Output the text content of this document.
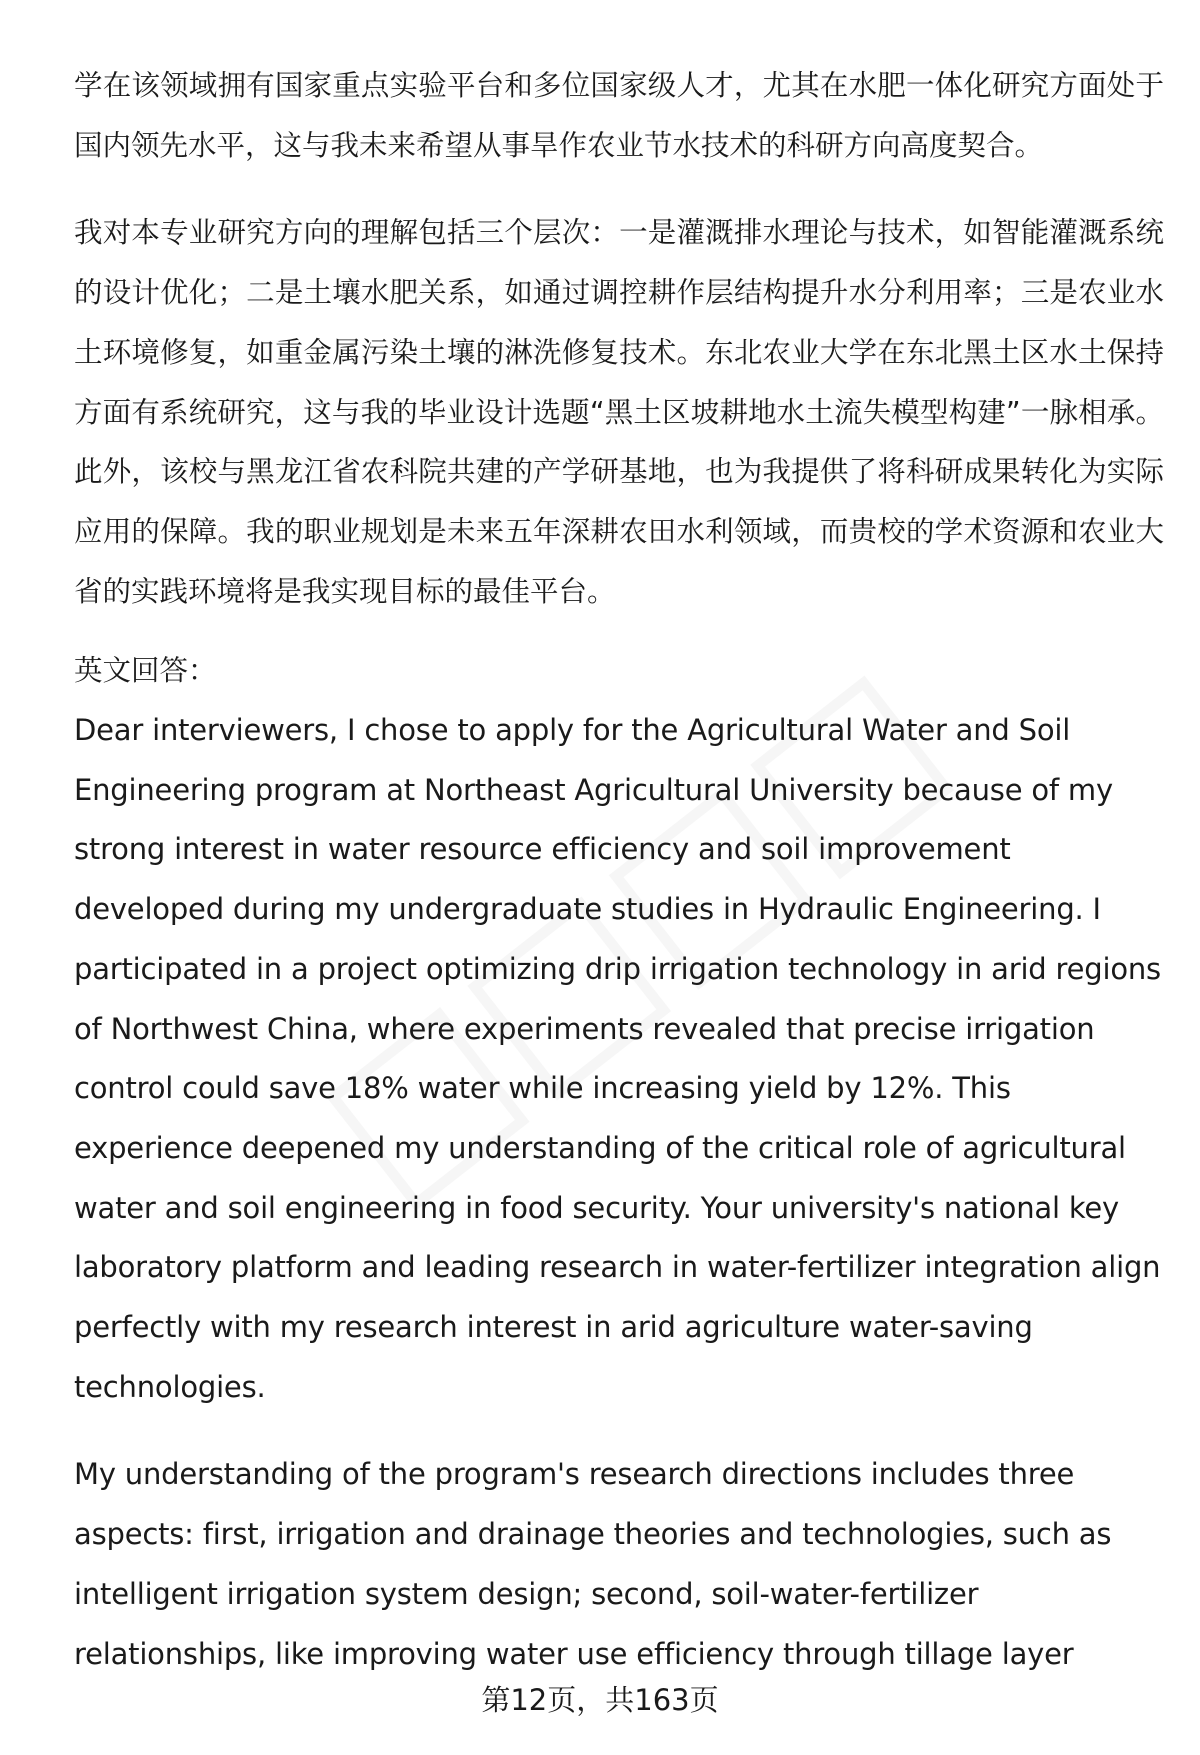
学在该领域拥有国家重点实验平台和多位国家级人才，尤其在水肥一体化研究方面处于国内领先水平，这与我未来希望从事旱作农业节水技术的科研方向高度契合。

我对本专业研究方向的理解包括三个层次：一是灌溉排水理论与技术，如智能灌溉系统的设计优化；二是土壤水肥关系，如通过调控耕作层结构提升水分利用率；三是农业水土环境修复，如重金属污染土壤的淋洗修复技术。东北农业大学在东北黑土区水土保持方面有系统研究，这与我的毕业设计选题“黑土区坡耕地水土流失模型构建”一脉相承。此外，该校与黑龙江省农科院共建的产学研基地，也为我提供了将科研成果转化为实际应用的保障。我的职业规划是未来五年深耕农田水利领域，而贵校的学术资源和农业大省的实践环境将是我实现目标的最佳平台。

英文回答：

Dear interviewers, I chose to apply for the Agricultural Water and Soil Engineering program at Northeast Agricultural University because of my strong interest in water resource efficiency and soil improvement developed during my undergraduate studies in Hydraulic Engineering. I participated in a project optimizing drip irrigation technology in arid regions of Northwest China, where experiments revealed that precise irrigation control could save 18% water while increasing yield by 12%. This experience deepened my understanding of the critical role of agricultural water and soil engineering in food security. Your university's national key laboratory platform and leading research in water-fertilizer integration align perfectly with my research interest in arid agriculture water-saving technologies.

My understanding of the program's research directions includes three aspects: first, irrigation and drainage theories and technologies, such as intelligent irrigation system design; second, soil-water-fertilizer relationships, like improving water use efficiency through tillage layer

第12页，共163页
